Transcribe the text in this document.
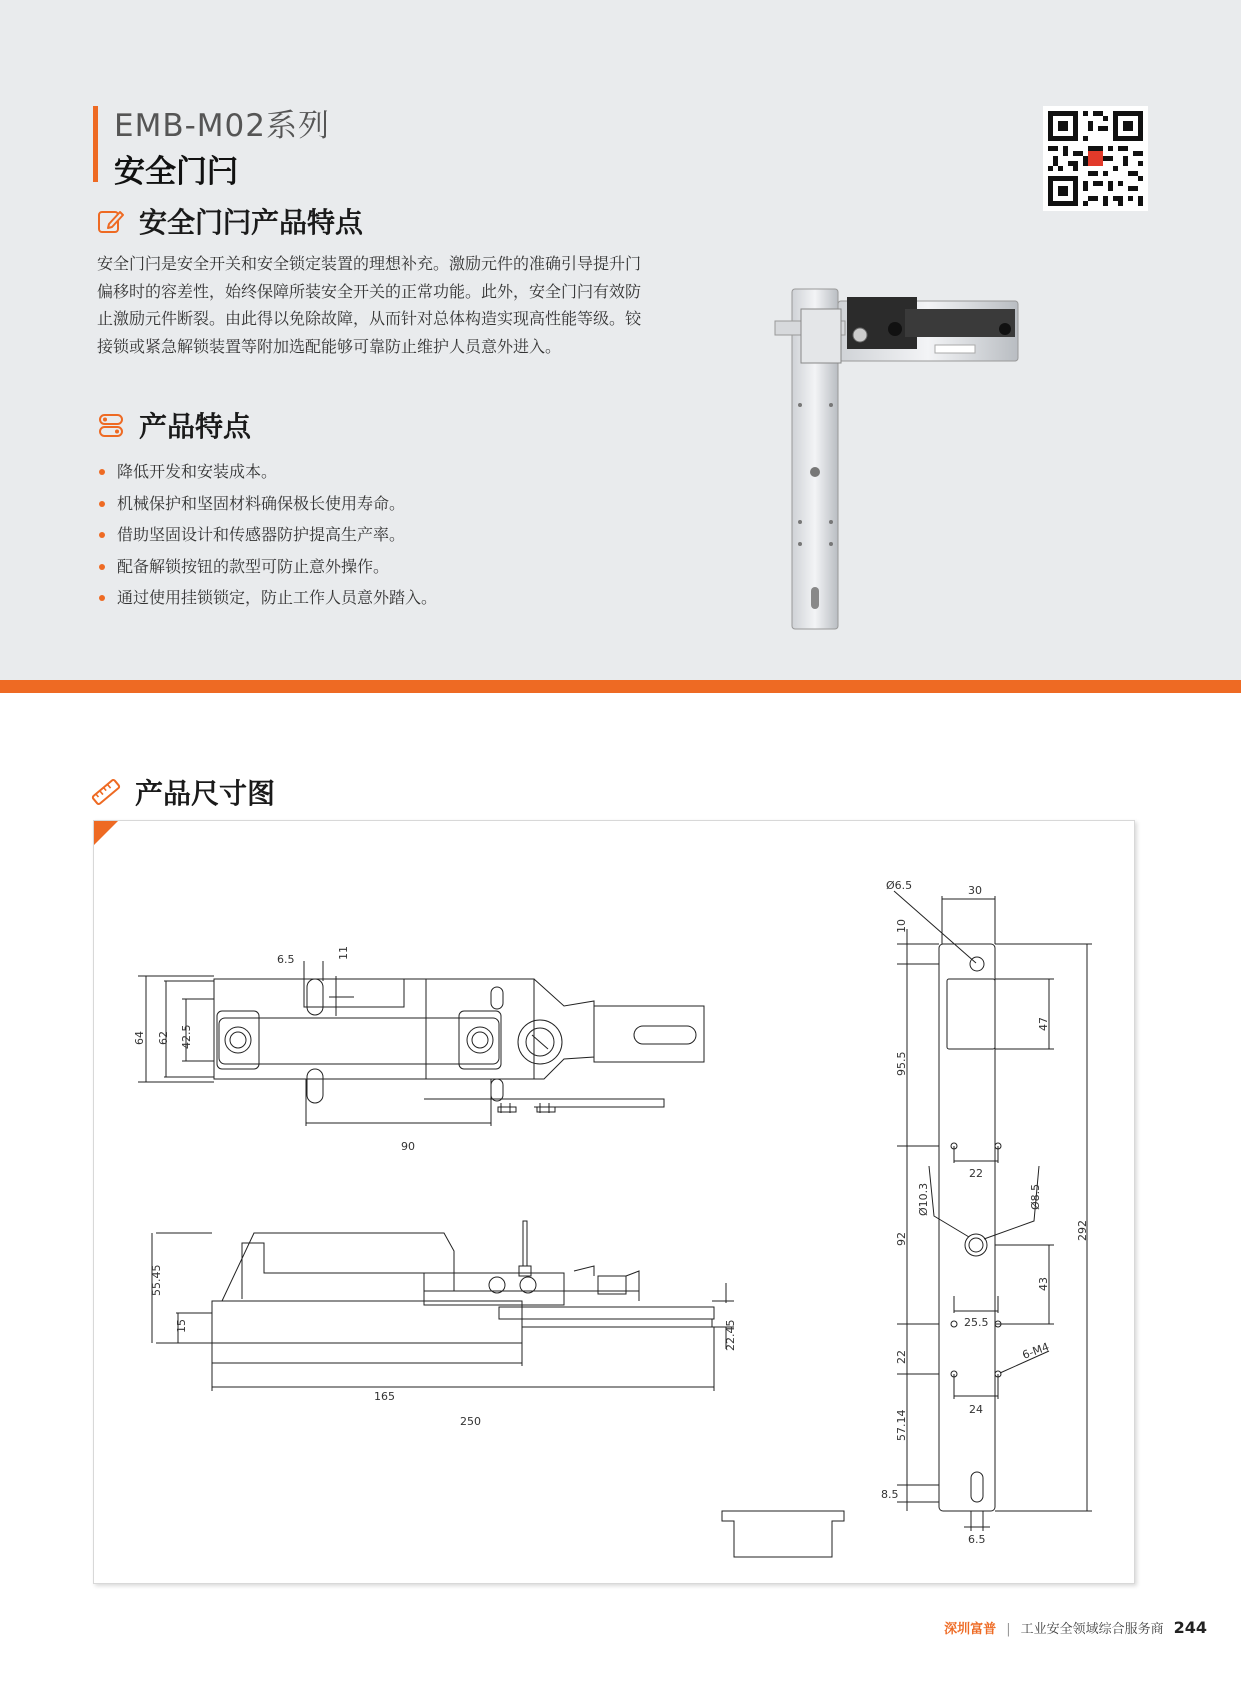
EMB-M02系列
安全门闩
安全门闩产品特点

安全门闩是安全开关和安全锁定装置的理想补充。激励元件的准确引导提升门偏移时的容差性，始终保障所装安全开关的正常功能。此外，安全门闩有效防止激励元件断裂。由此得以免除故障，从而针对总体构造实现高性能等级。铰接锁或紧急解锁装置等附加选配能够可靠防止维护人员意外进入。

产品特点
降低开发和安装成本。
机械保护和坚固材料确保极长使用寿命。
借助坚固设计和传感器防护提高生产率。
配备解锁按钮的款型可防止意外操作。
通过使用挂锁锁定，防止工作人员意外踏入。
产品尺寸图
6.5	11
64 62 42.5
90
55.45
15
165
250
22.45
Ø6.5	30
10
47
95.5
22
Ø10.3	Ø8.5
292
92
43
25.5
22	6-M4
24
57.14
8.5
6.5
深圳富普 | 工业安全领域综合服务商 244
